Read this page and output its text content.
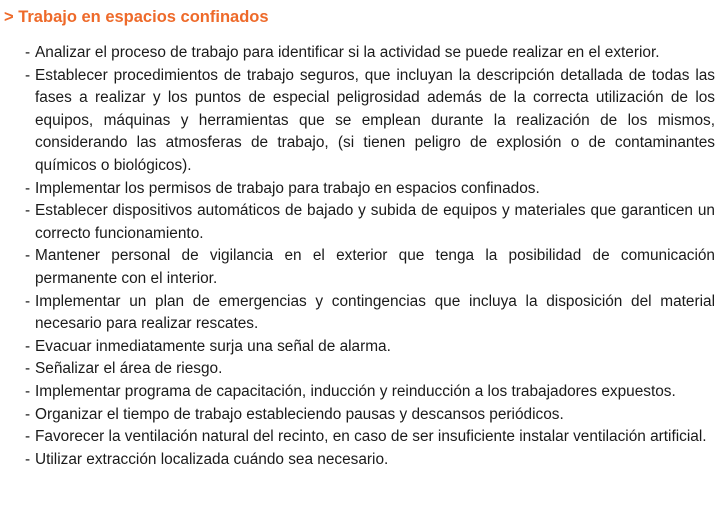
> Trabajo en espacios confinados
- Analizar el proceso de trabajo para identificar si la actividad se puede realizar en el exterior.
- Establecer procedimientos de trabajo seguros, que incluyan la descripción detallada de todas las fases a realizar y los puntos de especial peligrosidad además de la correcta utilización de los equipos, máquinas y herramientas que se emplean durante la realización de los mismos, considerando las atmosferas de trabajo, (si tienen peligro de explosión o de contaminantes químicos o biológicos).
- Implementar los permisos de trabajo para trabajo en espacios confinados.
- Establecer dispositivos automáticos de bajado y subida de equipos y materiales que garanticen un correcto funcionamiento.
- Mantener personal de vigilancia en el exterior que tenga la posibilidad de comunicación permanente con el interior.
- Implementar un plan de emergencias y contingencias que incluya la disposición del material necesario para realizar rescates.
- Evacuar inmediatamente surja una señal de alarma.
- Señalizar el área de riesgo.
- Implementar programa de capacitación, inducción y reinducción a los trabajadores expuestos.
- Organizar el tiempo de trabajo estableciendo pausas y descansos periódicos.
- Favorecer la ventilación natural del recinto, en caso de ser insuficiente instalar ventilación artificial.
- Utilizar extracción localizada cuándo sea necesario.
